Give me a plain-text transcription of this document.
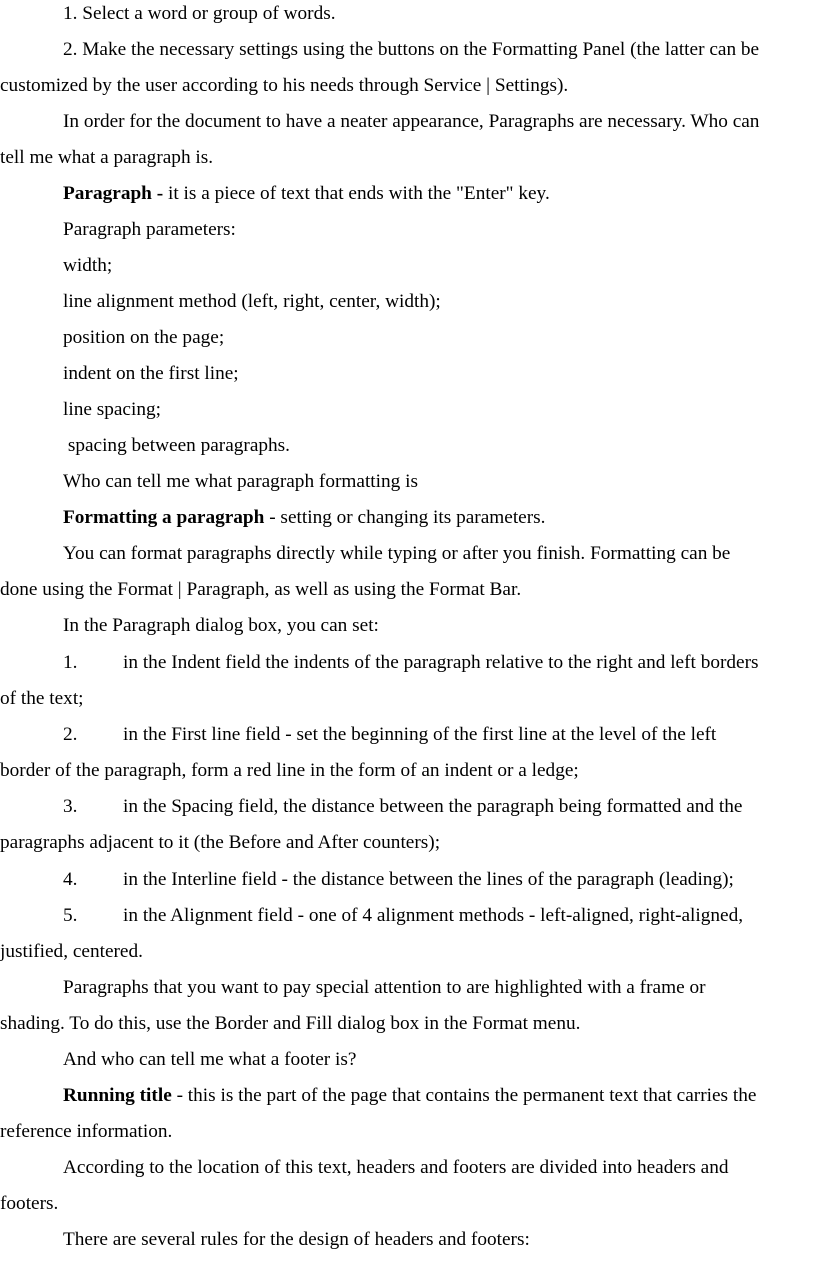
1. Select a word or group of words.
2. Make the necessary settings using the buttons on the Formatting Panel (the latter can be
customized by the user according to his needs through Service | Settings).
In order for the document to have a neater appearance, Paragraphs are necessary. Who can
tell me what a paragraph is.
Paragraph - it is a piece of text that ends with the "Enter" key.
Paragraph parameters:
width;
line alignment method (left, right, center, width);
position on the page;
indent on the first line;
line spacing;
spacing between paragraphs.
Who can tell me what paragraph formatting is
Formatting a paragraph - setting or changing its parameters.
You can format paragraphs directly while typing or after you finish. Formatting can be
done using the Format | Paragraph, as well as using the Format Bar.
In the Paragraph dialog box, you can set:
1. in the Indent field the indents of the paragraph relative to the right and left borders
of the text;
2. in the First line field - set the beginning of the first line at the level of the left
border of the paragraph, form a red line in the form of an indent or a ledge;
3. in the Spacing field, the distance between the paragraph being formatted and the
paragraphs adjacent to it (the Before and After counters);
4. in the Interline field - the distance between the lines of the paragraph (leading);
5. in the Alignment field - one of 4 alignment methods - left-aligned, right-aligned,
justified, centered.
Paragraphs that you want to pay special attention to are highlighted with a frame or
shading. To do this, use the Border and Fill dialog box in the Format menu.
And who can tell me what a footer is?
Running title - this is the part of the page that contains the permanent text that carries the
reference information.
According to the location of this text, headers and footers are divided into headers and
footers.
There are several rules for the design of headers and footers:
